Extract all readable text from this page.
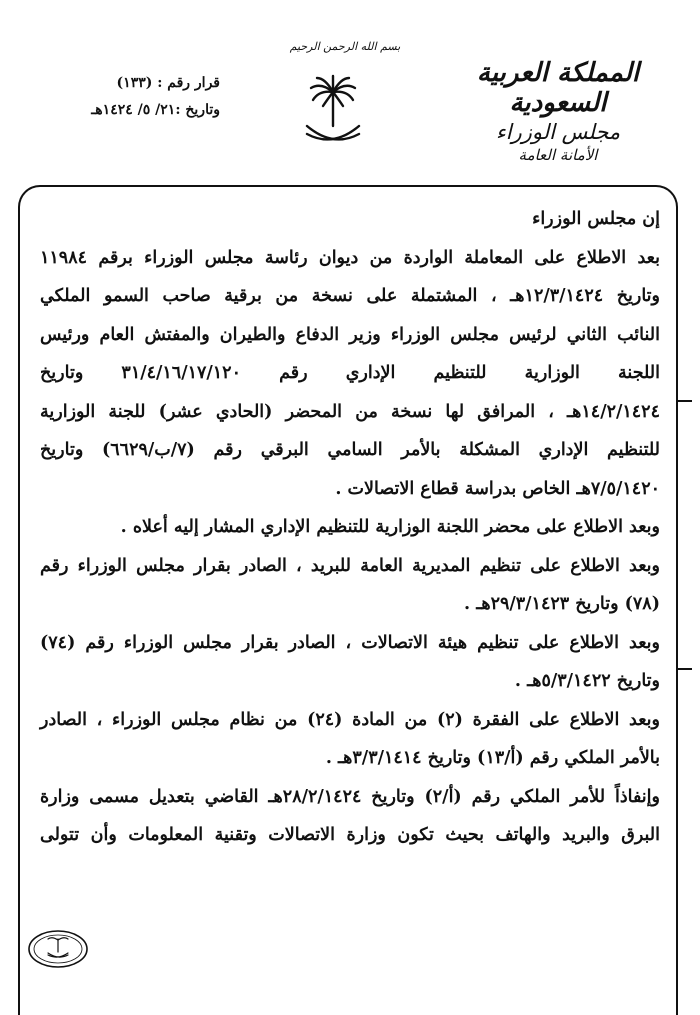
بسم الله الرحمن الرحيم
المملكة العربية السعودية
مجلس الوزراء
الأمانة العامة
قرار رقم : (١٣٣)
وتاريخ :٢١/ ٥/ ١٤٢٤هـ

إن مجلس الوزراء

بعد الاطلاع على المعاملة الواردة من ديوان رئاسة مجلس الوزراء برقم ١١٩٨٤

وتاريخ ١٢/٣/١٤٢٤هـ ، المشتملة على نسخة من برقية صاحب السمو الملكي

النائب الثاني لرئيس مجلس الوزراء وزير الدفاع والطيران والمفتش العام ورئيس

اللجنة الوزارية للتنظيم الإداري رقم ٣١/٤/١٦/١٧/١٢٠ وتاريخ

١٤/٢/١٤٢٤هـ ، المرافق لها نسخة من المحضر (الحادي عشر) للجنة الوزارية

للتنظيم الإداري المشكلة بالأمر السامي البرقي رقم (٧/ب/٦٦٢٩) وتاريخ

٧/٥/١٤٢٠هـ الخاص بدراسة قطاع الاتصالات .

وبعد الاطلاع على محضر اللجنة الوزارية للتنظيم الإداري المشار إليه أعلاه .

وبعد الاطلاع على تنظيم المديرية العامة للبريد ، الصادر بقرار مجلس الوزراء رقم

(٧٨) وتاريخ ٢٩/٣/١٤٢٣هـ .

وبعد الاطلاع على تنظيم هيئة الاتصالات ، الصادر بقرار مجلس الوزراء رقم (٧٤)

وتاريخ ٥/٣/١٤٢٢هـ .

وبعد الاطلاع على الفقرة (٢) من المادة (٢٤) من نظام مجلس الوزراء ، الصادر

بالأمر الملكي رقم (أ/١٣) وتاريخ ٣/٣/١٤١٤هـ .

وإنفاذاً للأمر الملكي رقم (أ/٢) وتاريخ ٢٨/٢/١٤٢٤هـ القاضي بتعديل مسمى وزارة

البرق والبريد والهاتف بحيث تكون وزارة الاتصالات وتقنية المعلومات وأن تتولى
